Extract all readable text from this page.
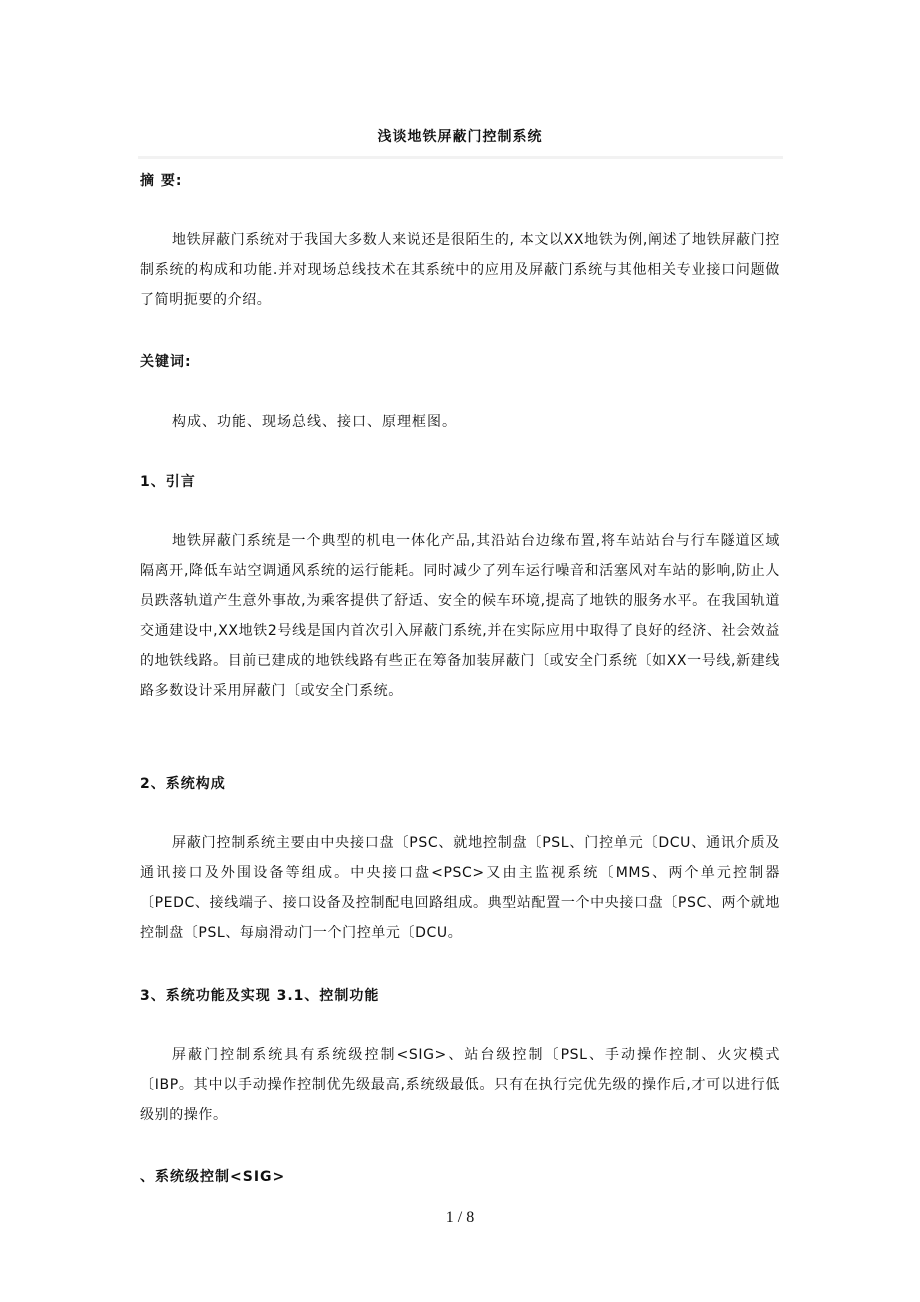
浅谈地铁屏蔽门控制系统
摘 要:

地铁屏蔽门系统对于我国大多数人来说还是很陌生的, 本文以XX地铁为例,阐述了地铁屏蔽门控制系统的构成和功能.并对现场总线技术在其系统中的应用及屏蔽门系统与其他相关专业接口问题做了简明扼要的介绍。

关键词:
构成、功能、现场总线、接口、原理框图。
1、引言

地铁屏蔽门系统是一个典型的机电一体化产品,其沿站台边缘布置,将车站站台与行车隧道区域隔离开,降低车站空调通风系统的运行能耗。同时减少了列车运行噪音和活塞风对车站的影响,防止人员跌落轨道产生意外事故,为乘客提供了舒适、安全的候车环境,提高了地铁的服务水平。在我国轨道交通建设中,XX地铁2号线是国内首次引入屏蔽门系统,并在实际应用中取得了良好的经济、社会效益的地铁线路。目前已建成的地铁线路有些正在筹备加装屏蔽门〔或安全门系统〔如XX一号线,新建线路多数设计采用屏蔽门〔或安全门系统。

2、系统构成

屏蔽门控制系统主要由中央接口盘〔PSC、就地控制盘〔PSL、门控单元〔DCU、通讯介质及通讯接口及外围设备等组成。中央接口盘<PSC>又由主监视系统〔MMS、两个单元控制器〔PEDC、接线端子、接口设备及控制配电回路组成。典型站配置一个中央接口盘〔PSC、两个就地控制盘〔PSL、每扇滑动门一个门控单元〔DCU。

3、系统功能及实现 3.1、控制功能

屏蔽门控制系统具有系统级控制<SIG>、站台级控制〔PSL、手动操作控制、火灾模式〔IBP。其中以手动操作控制优先级最高,系统级最低。只有在执行完优先级的操作后,才可以进行低级别的操作。

、系统级控制<SIG>
1 / 8
